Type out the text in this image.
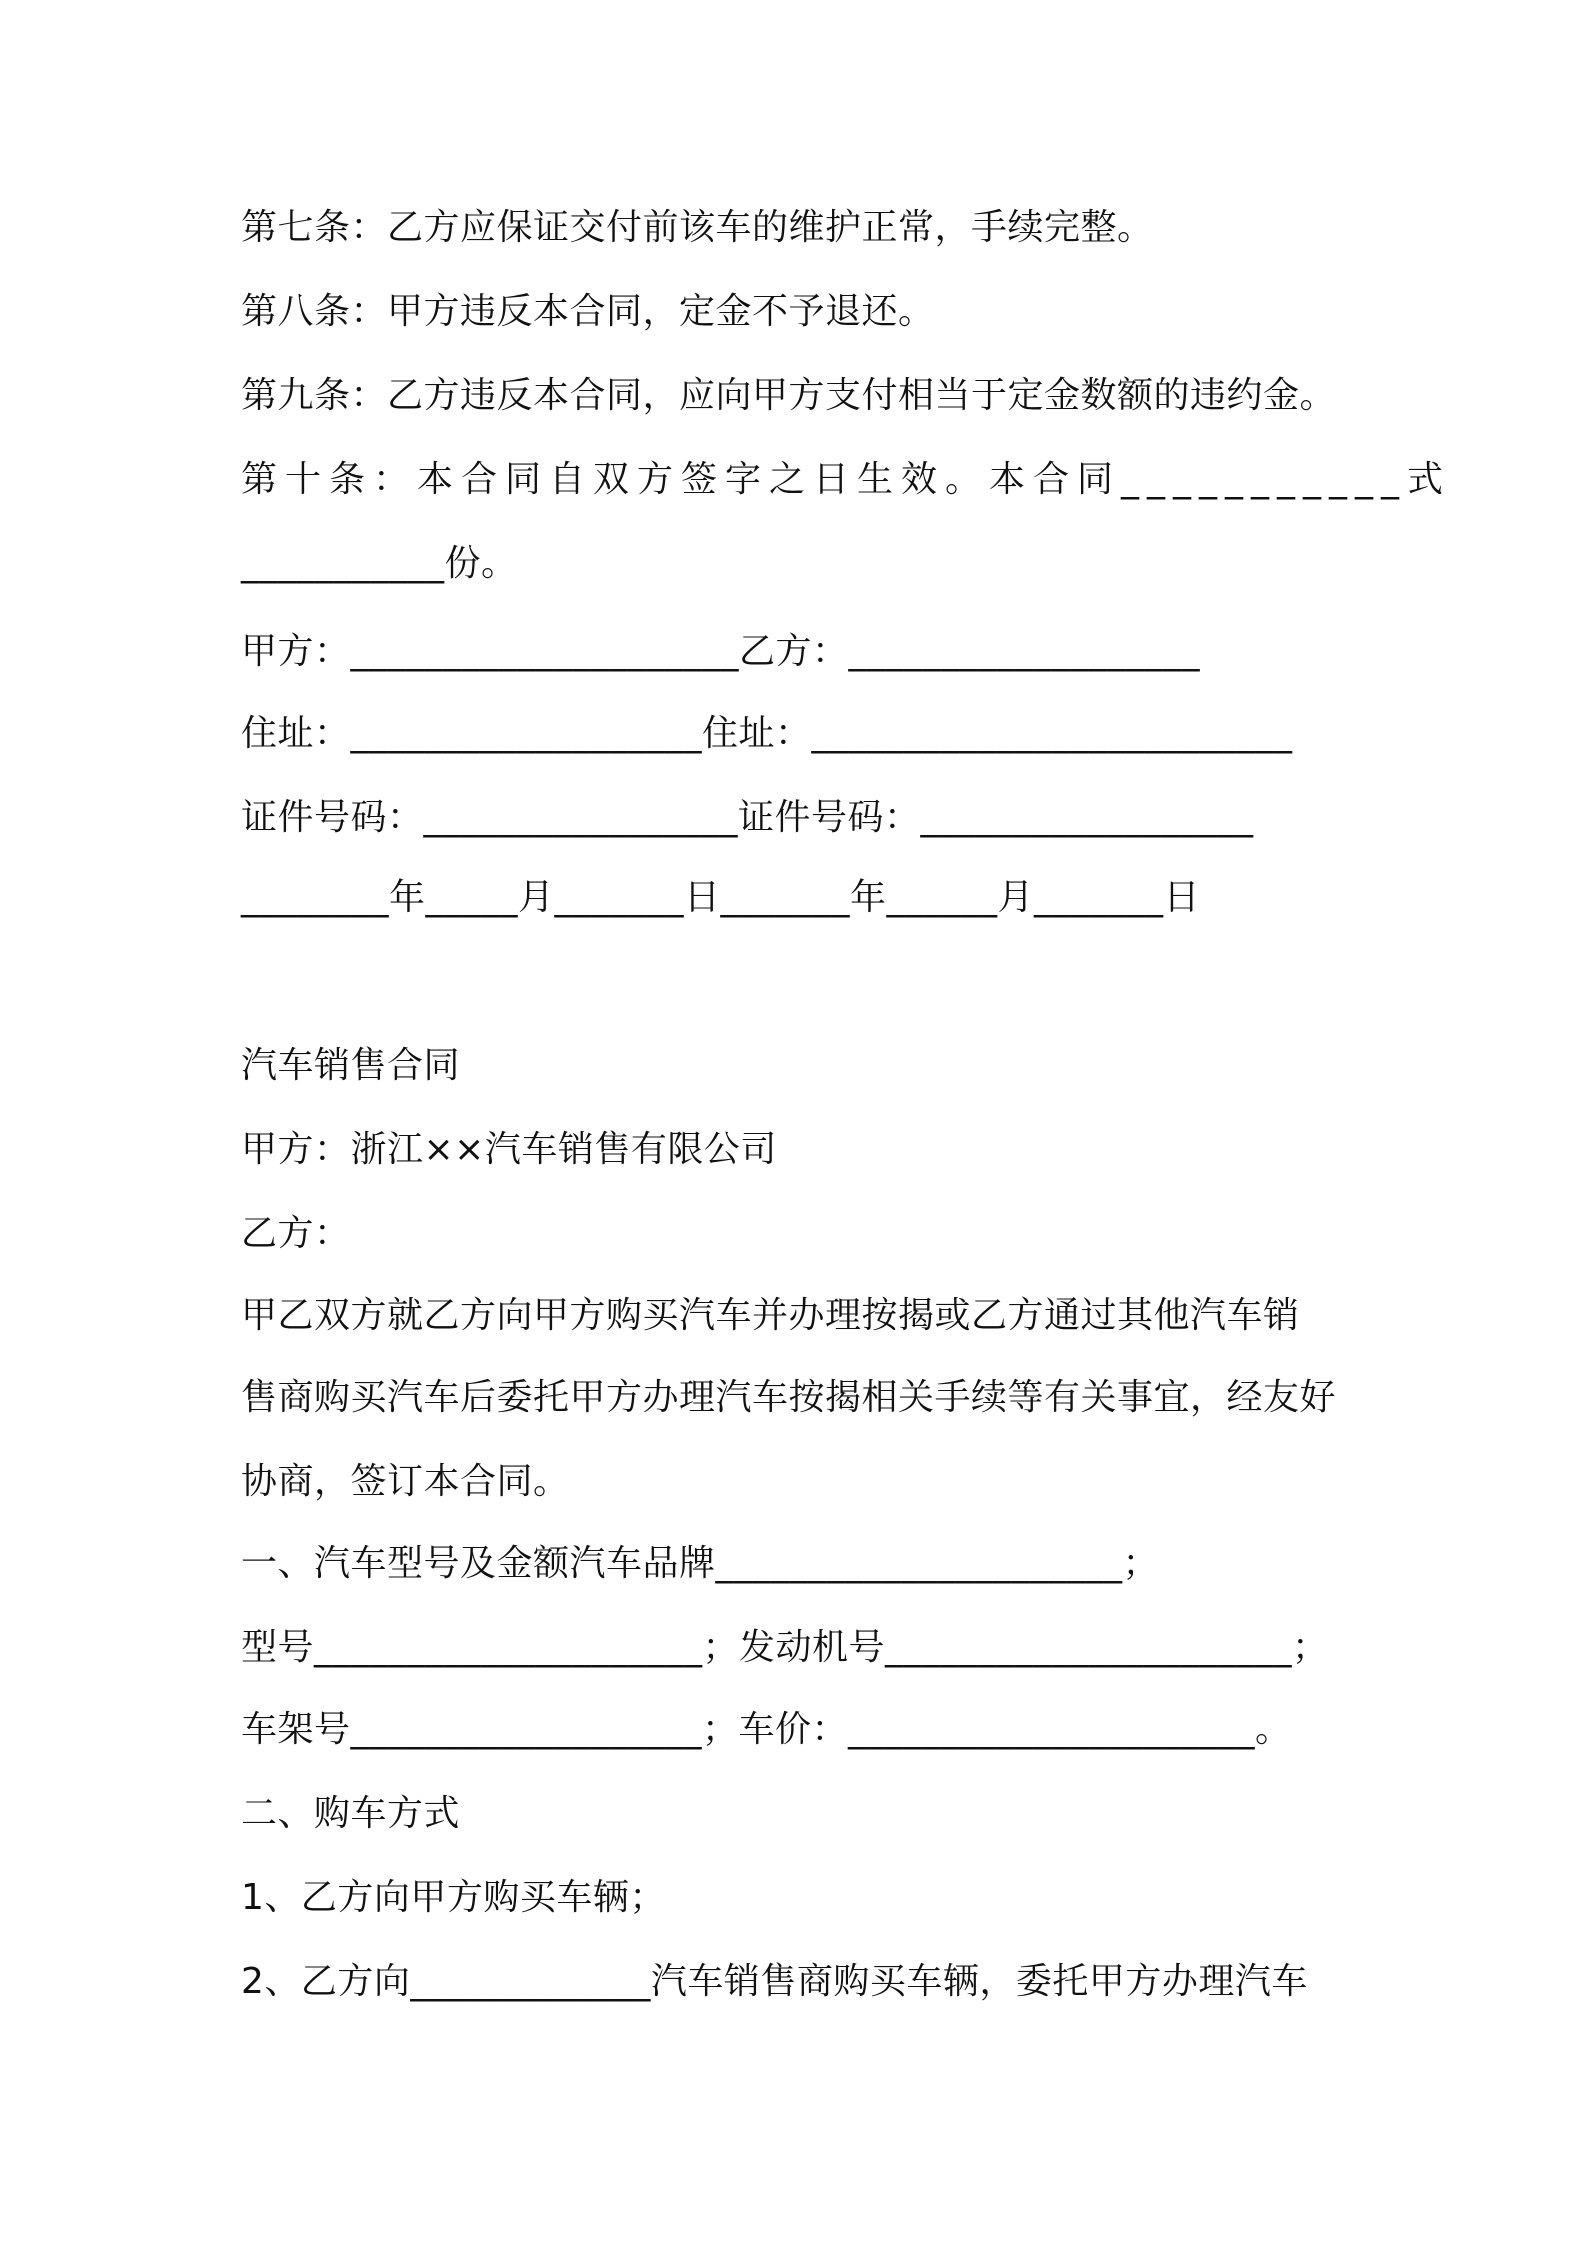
第七条：乙方应保证交付前该车的维护正常，手续完整。

第八条：甲方违反本合同，定金不予退还。

第九条：乙方违反本合同，应向甲方支付相当于定金数额的违约金。

第十条：本合同自双方签字之日生效。本合同___________式

___________份。

甲方：_____________________乙方：___________________

住址：___________________住址：__________________________

证件号码：_________________证件号码：__________________

________年_____月_______日_______年______月_______日

汽车销售合同

甲方：浙江××汽车销售有限公司

乙方：

甲乙双方就乙方向甲方购买汽车并办理按揭或乙方通过其他汽车销

售商购买汽车后委托甲方办理汽车按揭相关手续等有关事宜，经友好

协商，签订本合同。

一、汽车型号及金额汽车品牌______________________；

型号_____________________；发动机号______________________；

车架号___________________；车价：______________________。

二、购车方式

1、乙方向甲方购买车辆；

2、乙方向_____________汽车销售商购买车辆，委托甲方办理汽车
